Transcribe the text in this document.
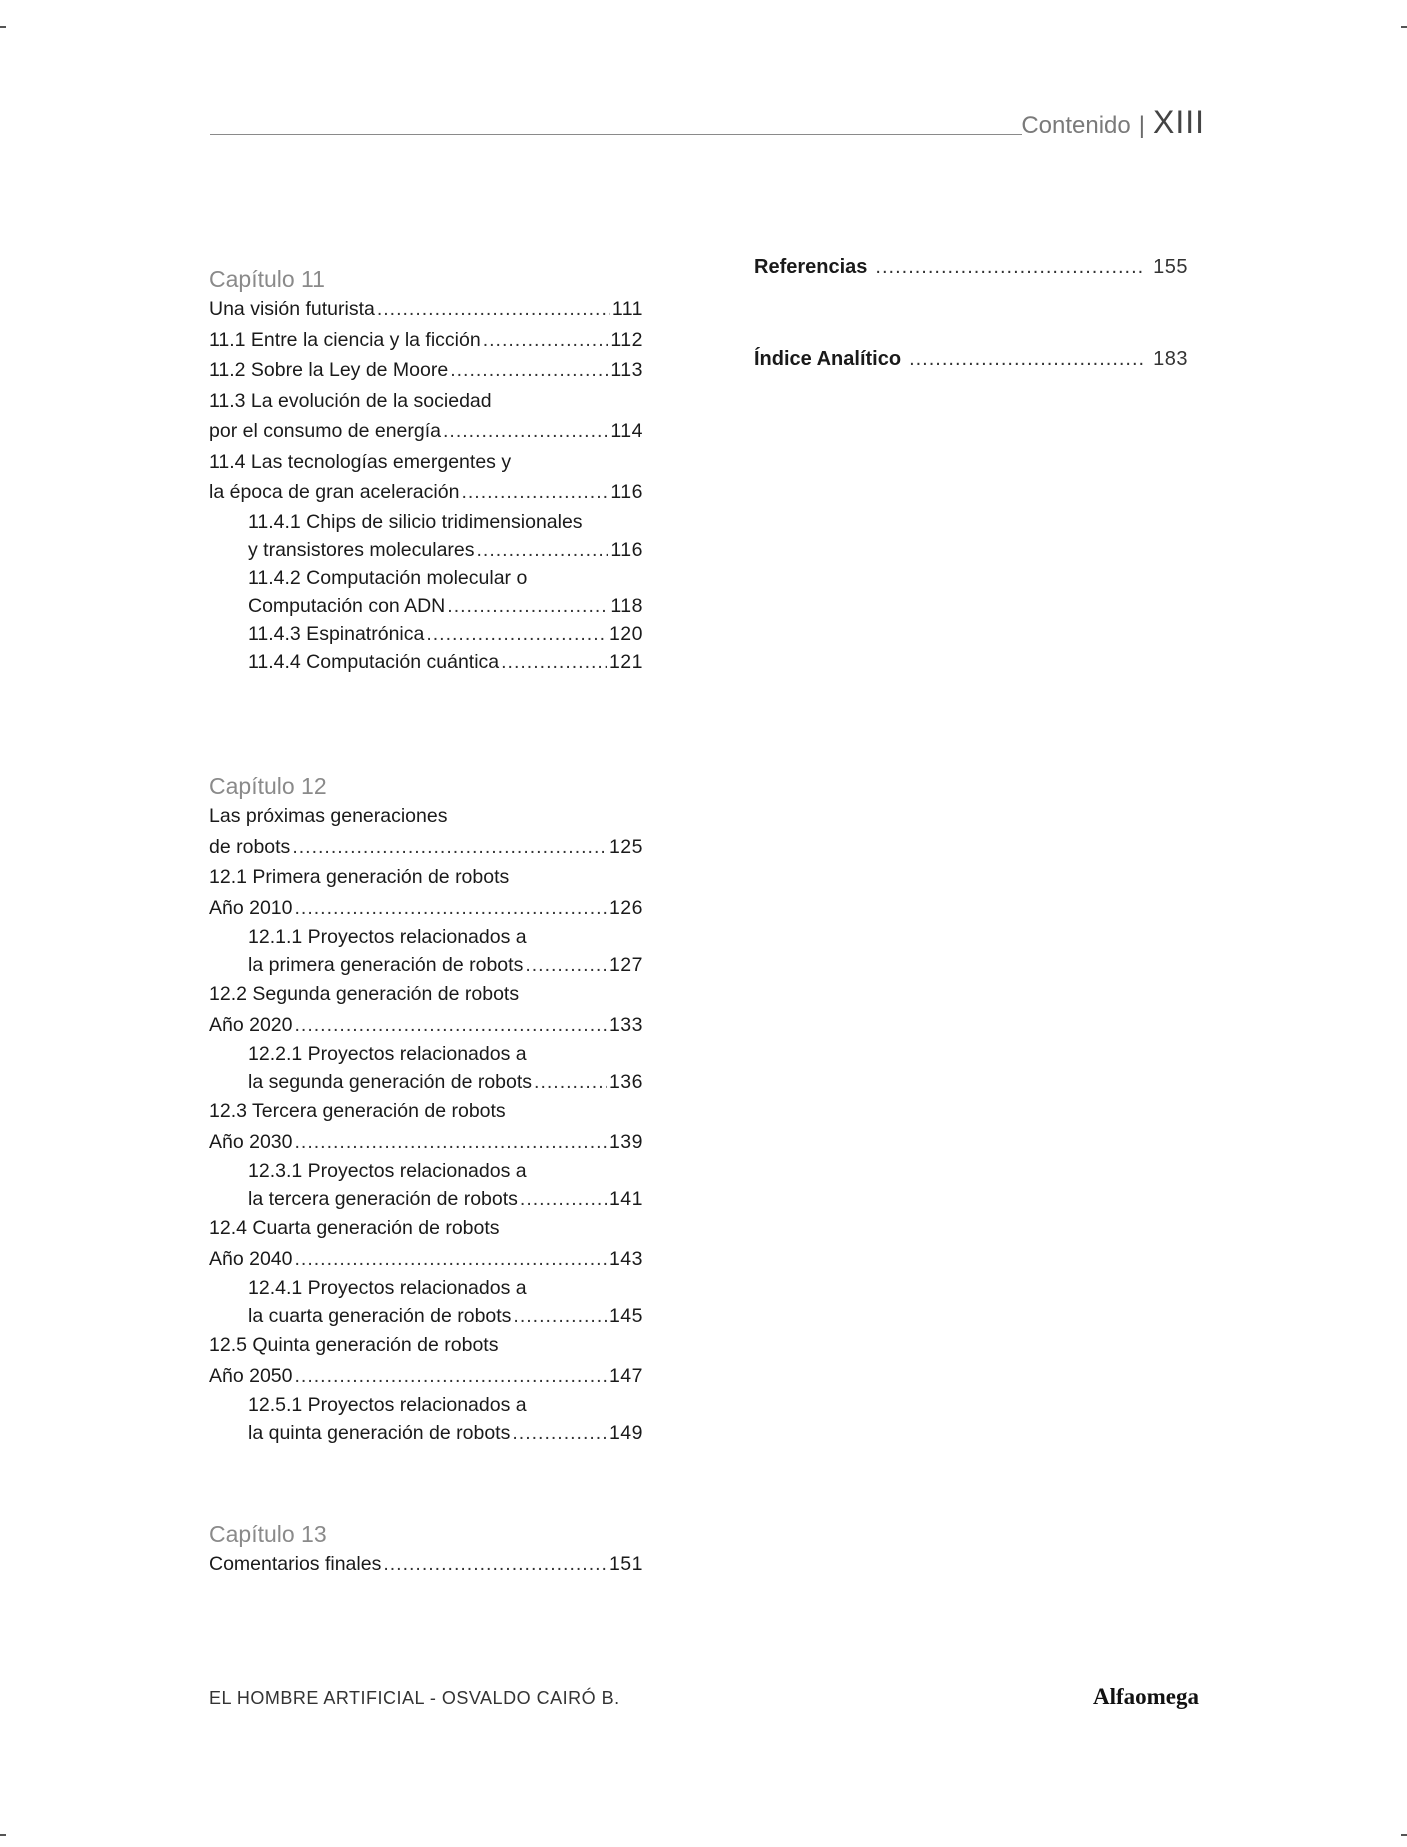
Contenido | XIII
Capítulo 11
Una visión futurista .....	111
11.1 Entre la ciencia y la ficción .....	112
11.2 Sobre la Ley de Moore .....	113
11.3 La evolución de la sociedad
por el consumo de energía .....	114
11.4 Las tecnologías emergentes y
la época de gran aceleración .....	116
11.4.1 Chips de silicio tridimensionales
y transistores moleculares .....	116
11.4.2 Computación molecular o
Computación con ADN .....	118
11.4.3 Espinatrónica .....	120
11.4.4 Computación cuántica .....	121
Capítulo 12
Las próximas generaciones
de robots .....	125
12.1 Primera generación de robots
Año 2010 .....	126
12.1.1 Proyectos relacionados a
la primera generación de robots .....	127
12.2 Segunda generación de robots
Año 2020 .....	133
12.2.1 Proyectos relacionados a
la segunda generación de robots .....	136
12.3 Tercera generación de robots
Año 2030 .....	139
12.3.1 Proyectos relacionados a
la tercera generación de robots .....	141
12.4 Cuarta generación de robots
Año 2040 .....	143
12.4.1 Proyectos relacionados a
la cuarta generación de robots .....	145
12.5 Quinta generación de robots
Año 2050 .....	147
12.5.1 Proyectos relacionados a
la quinta generación de robots .....	149
Capítulo 13
Comentarios finales .....	151
Referencias .....	155
Índice Analítico .....	183
EL HOMBRE ARTIFICIAL - OSVALDO CAIRÓ B.	Alfaomega
